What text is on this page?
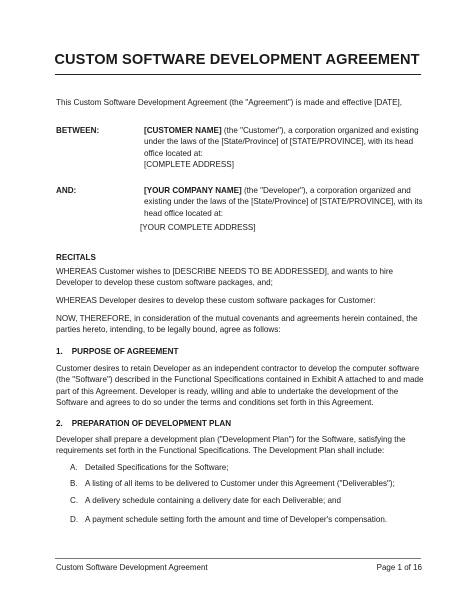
CUSTOM SOFTWARE DEVELOPMENT AGREEMENT
This Custom Software Development Agreement (the "Agreement") is made and effective [DATE],
BETWEEN:	[CUSTOMER NAME] (the "Customer"), a corporation organized and existing under the laws of the [State/Province] of [STATE/PROVINCE], with its head office located at:
[COMPLETE ADDRESS]
AND:	[YOUR COMPANY NAME] (the "Developer"), a corporation organized and existing under the laws of the [State/Province] of [STATE/PROVINCE], with its head office located at:
[YOUR COMPLETE ADDRESS]
RECITALS
WHEREAS Customer wishes to [DESCRIBE NEEDS TO BE ADDRESSED], and wants to hire Developer to develop these custom software packages, and;
WHEREAS Developer desires to develop these custom software packages for Customer:
NOW, THEREFORE, in consideration of the mutual covenants and agreements herein contained, the parties hereto, intending, to be legally bound, agree as follows:
1.    PURPOSE OF AGREEMENT
Customer desires to retain Developer as an independent contractor to develop the computer software (the "Software") described in the Functional Specifications contained in Exhibit A attached to and made part of this Agreement. Developer is ready, willing and able to undertake the development of the Software and agrees to do so under the terms and conditions set forth in this Agreement.
2.    PREPARATION OF DEVELOPMENT PLAN
Developer shall prepare a development plan ("Development Plan") for the Software, satisfying the requirements set forth in the Functional Specifications. The Development Plan shall include:
A. Detailed Specifications for the Software;
B. A listing of all items to be delivered to Customer under this Agreement ("Deliverables");
C. A delivery schedule containing a delivery date for each Deliverable; and
D. A payment schedule setting forth the amount and time of Developer's compensation.
Custom Software Development Agreement	Page 1 of 16
